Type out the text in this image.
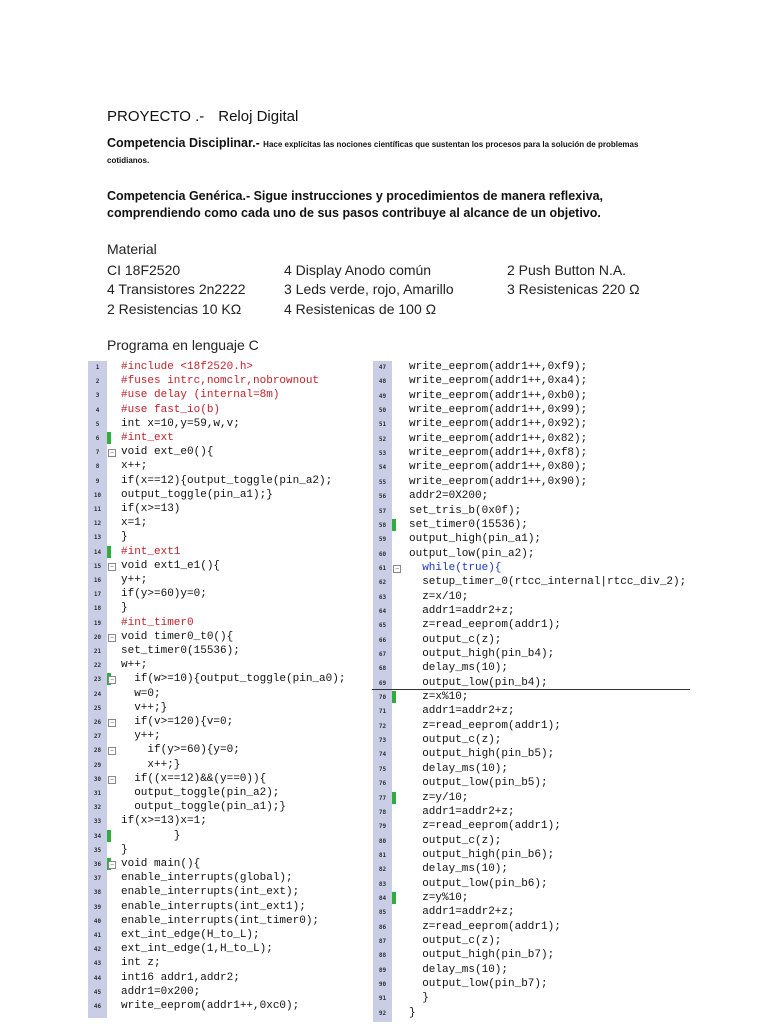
PROYECTO .- Reloj Digital
Competencia Disciplinar.- Hace explícitas las nociones científicas que sustentan los procesos para la solución de problemas cotidianos.
Competencia Genérica.- Sigue instrucciones y procedimientos de manera reflexiva, comprendiendo como cada uno de sus pasos contribuye al alcance de un objetivo.
Material
CI 18F2520	4 Display Anodo común	2 Push Button N.A.
4 Transistores 2n2222	3 Leds verde, rojo, Amarillo	3 Resistenicas 220 Ω
2 Resistencias 10 KΩ	4 Resistenicas de 100 Ω
Programa en lenguaje C
1	#include <18f2520.h>
2	#fuses intrc,nomclr,nobrownout
3	#use delay (internal=8m)
4	#use fast_io(b)
5	int x=10,y=59,w,v;
6	#int_ext
7	− void ext_e0(){
8	x++;
9	if(x==12){output_toggle(pin_a2);
10	output_toggle(pin_a1);}
11	if(x>=13)
12	x=1;
13	}
14	#int_ext1
15	− void ext1_e1(){
16	y++;
17	if(y>=60)y=0;
18	}
19	#int_timer0
20	− void timer0_t0(){
21	set_timer0(15536);
22	w++;
23	− if(w>=10){output_toggle(pin_a0);
24	w=0;
25	v++;}
26	− if(v>=120){v=0;
27	y++;
28	−	if(y>=60){y=0;
29	x++;}
30	− if((x==12)&&(y==0)){
31	output_toggle(pin_a2);
32	output_toggle(pin_a1);}
33	if(x>=13)x=1;
34	}
35	}
36	− void main(){
37	enable_interrupts(global);
38	enable_interrupts(int_ext);
39	enable_interrupts(int_ext1);
40	enable_interrupts(int_timer0);
41	ext_int_edge(H_to_L);
42	ext_int_edge(1,H_to_L);
43	int z;
44	int16 addr1,addr2;
45	addr1=0x200;
46	write_eeprom(addr1++,0xc0);
47	write_eeprom(addr1++,0xf9);
48	write_eeprom(addr1++,0xa4);
49	write_eeprom(addr1++,0xb0);
50	write_eeprom(addr1++,0x99);
51	write_eeprom(addr1++,0x92);
52	write_eeprom(addr1++,0x82);
53	write_eeprom(addr1++,0xf8);
54	write_eeprom(addr1++,0x80);
55	write_eeprom(addr1++,0x90);
56	addr2=0X200;
57	set_tris_b(0x0f);
58	set_timer0(15536);
59	output_high(pin_a1);
60	output_low(pin_a2);
61	− while(true){
62	setup_timer_0(rtcc_internal|rtcc_div_2);
63	z=x/10;
64	addr1=addr2+z;
65	z=read_eeprom(addr1);
66	output_c(z);
67	output_high(pin_b4);
68	delay_ms(10);
69	output_low(pin_b4);
70	z=x%10;
71	addr1=addr2+z;
72	z=read_eeprom(addr1);
73	output_c(z);
74	output_high(pin_b5);
75	delay_ms(10);
76	output_low(pin_b5);
77	z=y/10;
78	addr1=addr2+z;
79	z=read_eeprom(addr1);
80	output_c(z);
81	output_high(pin_b6);
82	delay_ms(10);
83	output_low(pin_b6);
84	z=y%10;
85	addr1=addr2+z;
86	z=read_eeprom(addr1);
87	output_c(z);
88	output_high(pin_b7);
89	delay_ms(10);
90	output_low(pin_b7);
91	}
92	}
